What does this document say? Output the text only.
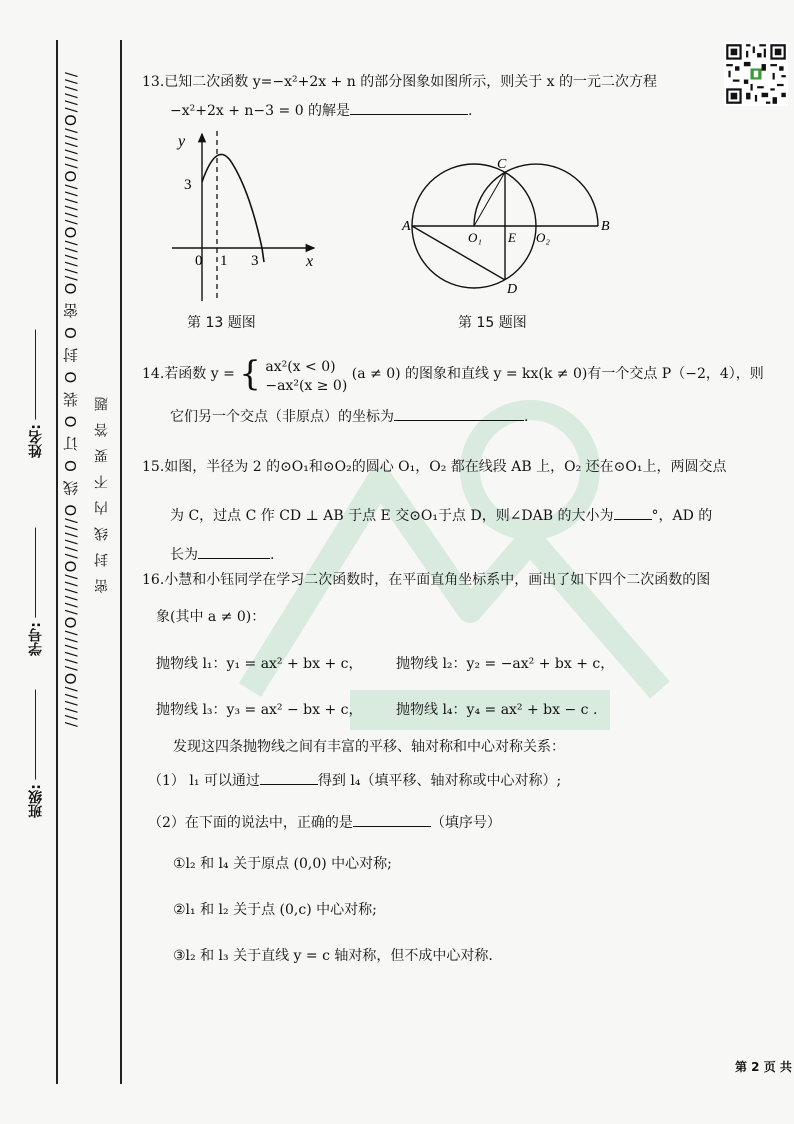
//////O//////O//////O//////O 线 O 订 O 装 O 封 O 密 O//////O//////O//////O////// 密封线内不要答题
班级:
学号:
姓名:
13.已知二次函数 y=−x²+2x + n 的部分图象如图所示，则关于 x 的一元二次方程
−x²+2x + n−3 = 0 的解是	.
y
x
3
0 1 3
第 13 题图
C
A
O₁ E O₂
B
D
第 15 题图
14.若函数 y = { ax²(x < 0)
−ax²(x ≥ 0)
(a ≠ 0) 的图象和直线 y = kx(k ≠ 0)有一个交点 P（−2，4），则
它们另一个交点（非原点）的坐标为	.
15.如图，半径为 2 的⊙O₁和⊙O₂的圆心 O₁，O₂ 都在线段 AB 上，O₂ 还在⊙O₁上，两圆交点
为 C，过点 C 作 CD ⊥ AB 于点 E 交⊙O₁于点 D，则∠DAB 的大小为	°，AD 的
长为	.
16.小慧和小钰同学在学习二次函数时，在平面直角坐标系中，画出了如下四个二次函数的图
象(其中 a ≠ 0)：
抛物线 l₁：y₁ = ax² + bx + c， 抛物线 l₂：y₂ = −ax² + bx + c，
抛物线 l₃：y₃ = ax² − bx + c， 抛物线 l₄：y₄ = ax² + bx − c .
发现这四条抛物线之间有丰富的平移、轴对称和中心对称关系：
（1） l₁ 可以通过	得到 l₄（填平移、轴对称或中心对称）;
（2）在下面的说法中，正确的是	（填序号）
①l₂ 和 l₄ 关于原点 (0,0) 中心对称;
②l₁ 和 l₂ 关于点 (0,c) 中心对称;
③l₂ 和 l₃ 关于直线 y = c 轴对称，但不成中心对称.
第 2 页 共
